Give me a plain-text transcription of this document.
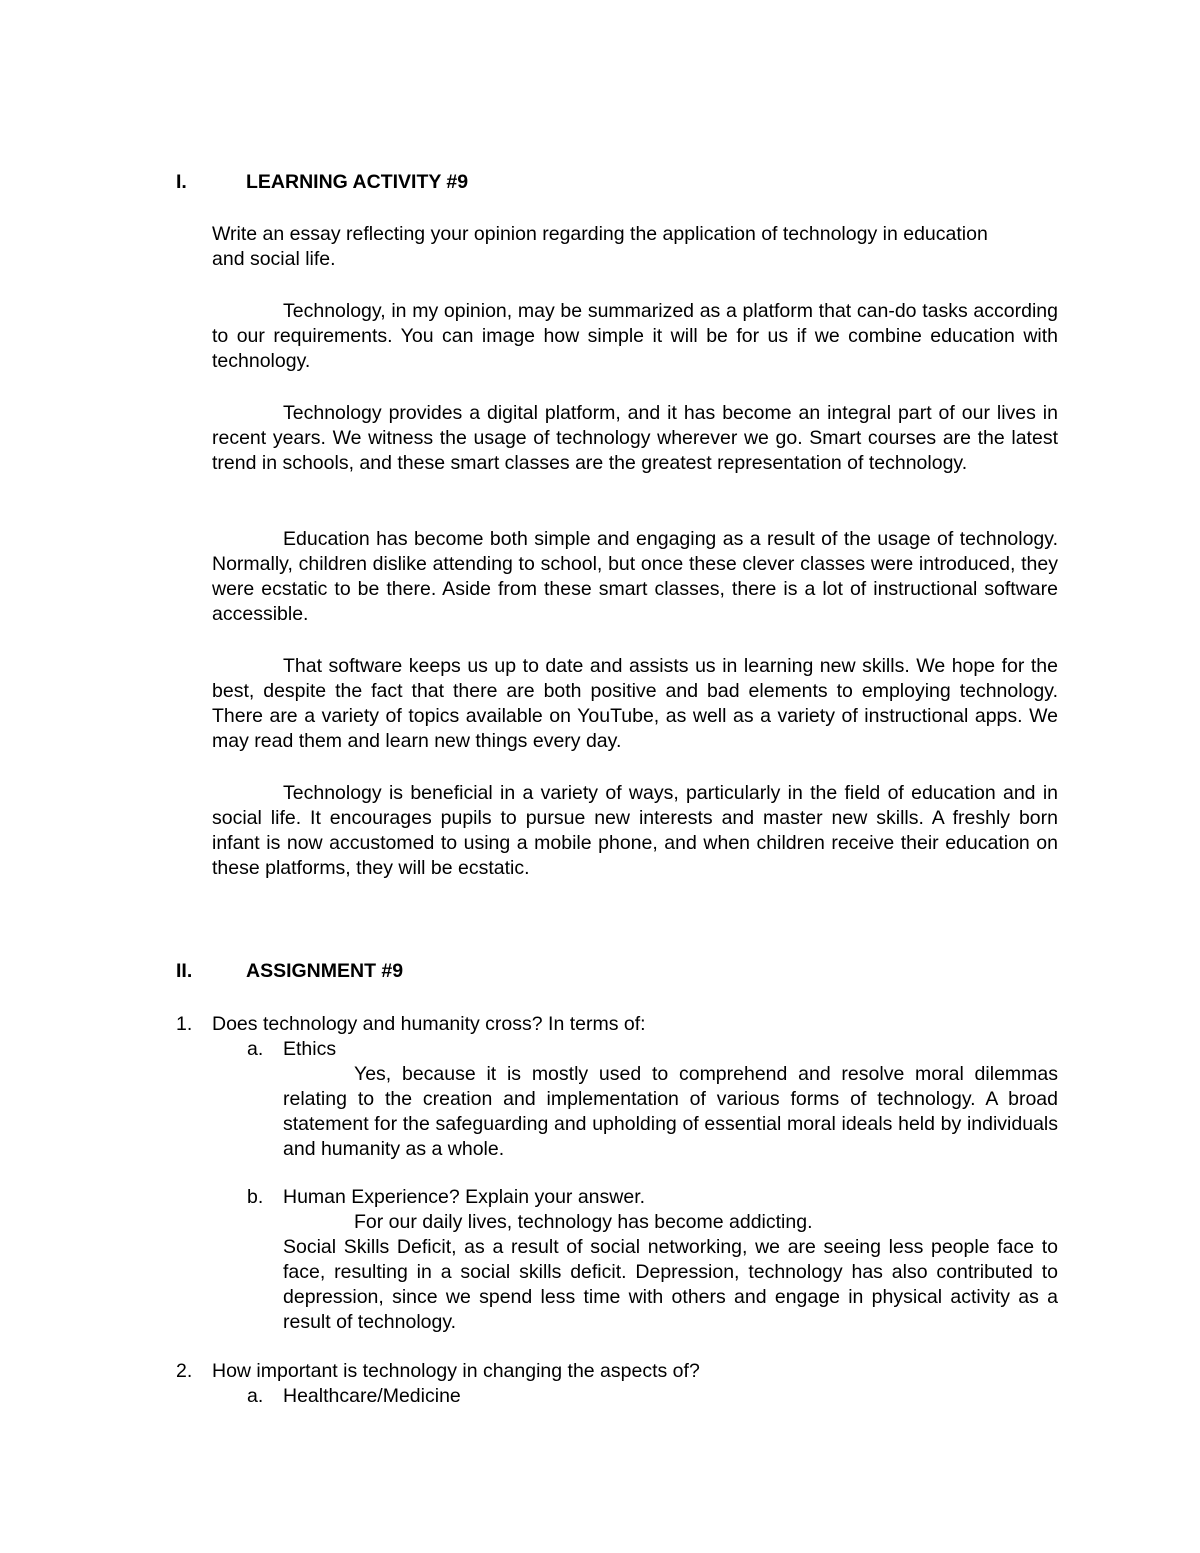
I.	LEARNING ACTIVITY #9

Write an essay reflecting your opinion regarding the application of technology in education and social life.

Technology, in my opinion, may be summarized as a platform that can-do tasks according to our requirements. You can image how simple it will be for us if we combine education with technology.

Technology provides a digital platform, and it has become an integral part of our lives in recent years. We witness the usage of technology wherever we go. Smart courses are the latest trend in schools, and these smart classes are the greatest representation of technology.

Education has become both simple and engaging as a result of the usage of technology. Normally, children dislike attending to school, but once these clever classes were introduced, they were ecstatic to be there. Aside from these smart classes, there is a lot of instructional software accessible.

That software keeps us up to date and assists us in learning new skills. We hope for the best, despite the fact that there are both positive and bad elements to employing technology. There are a variety of topics available on YouTube, as well as a variety of instructional apps. We may read them and learn new things every day.

Technology is beneficial in a variety of ways, particularly in the field of education and in social life. It encourages pupils to pursue new interests and master new skills. A freshly born infant is now accustomed to using a mobile phone, and when children receive their education on these platforms, they will be ecstatic.

II.	ASSIGNMENT #9
1. Does technology and humanity cross? In terms of:
a. Ethics

Yes, because it is mostly used to comprehend and resolve moral dilemmas relating to the creation and implementation of various forms of technology. A broad statement for the safeguarding and upholding of essential moral ideals held by individuals and humanity as a whole.

b. Human Experience? Explain your answer.

For our daily lives, technology has become addicting.

Social Skills Deficit, as a result of social networking, we are seeing less people face to face, resulting in a social skills deficit. Depression, technology has also contributed to depression, since we spend less time with others and engage in physical activity as a result of technology.

2. How important is technology in changing the aspects of?
a. Healthcare/Medicine
